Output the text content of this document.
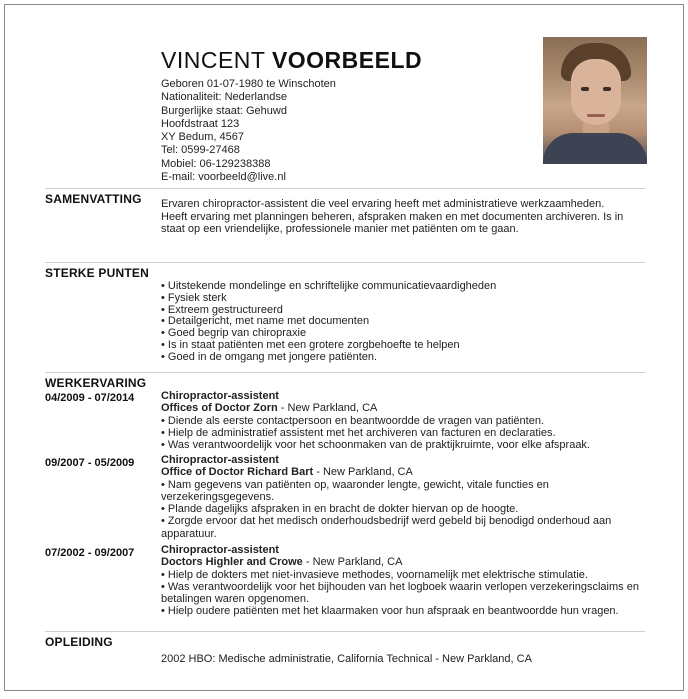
VINCENT VOORBEELD
Geboren 01-07-1980 te Winschoten
Nationaliteit: Nederlandse
Burgerlijke staat: Gehuwd
Hoofdstraat 123
XY Bedum, 4567
Tel: 0599-27468
Mobiel: 06-129238388
E-mail: voorbeeld@live.nl
SAMENVATTING Ervaren chiropractor-assistent die veel ervaring heeft met administratieve werkzaamheden. Heeft ervaring met planningen beheren, afspraken maken en met documenten archiveren. Is in staat op een vriendelijke, professionele manier met patiënten om te gaan.
STERKE PUNTEN
• Uitstekende mondelinge en schriftelijke communicatievaardigheden
• Fysiek sterk
• Extreem gestructureerd
• Detailgericht, met name met documenten
• Goed begrip van chiropraxie
• Is in staat patiënten met een grotere zorgbehoefte te helpen
• Goed in de omgang met jongere patiënten.
WERKERVARING
04/2009 - 07/2014 Chiropractor-assistent
Offices of Doctor Zorn - New Parkland, CA
• Diende als eerste contactpersoon en beantwoordde de vragen van patiënten.
• Hielp de administratief assistent met het archiveren van facturen en declaraties.
• Was verantwoordelijk voor het schoonmaken van de praktijkruimte, voor elke afspraak.
09/2007 - 05/2009 Chiropractor-assistent
Office of Doctor Richard Bart - New Parkland, CA
• Nam gegevens van patiënten op, waaronder lengte, gewicht, vitale functies en verzekeringsgegevens.
• Plande dagelijks afspraken in en bracht de dokter hiervan op de hoogte.
• Zorgde ervoor dat het medisch onderhoudsbedrijf werd gebeld bij benodigd onderhoud aan apparatuur.
07/2002 - 09/2007 Chiropractor-assistent
Doctors Highler and Crowe - New Parkland, CA
• Hielp de dokters met niet-invasieve methodes, voornamelijk met elektrische stimulatie.
• Was verantwoordelijk voor het bijhouden van het logboek waarin verlopen verzekeringsclaims en betalingen waren opgenomen.
• Hielp oudere patiënten met het klaarmaken voor hun afspraak en beantwoordde hun vragen.
OPLEIDING
2002 HBO: Medische administratie, California Technical - New Parkland, CA
